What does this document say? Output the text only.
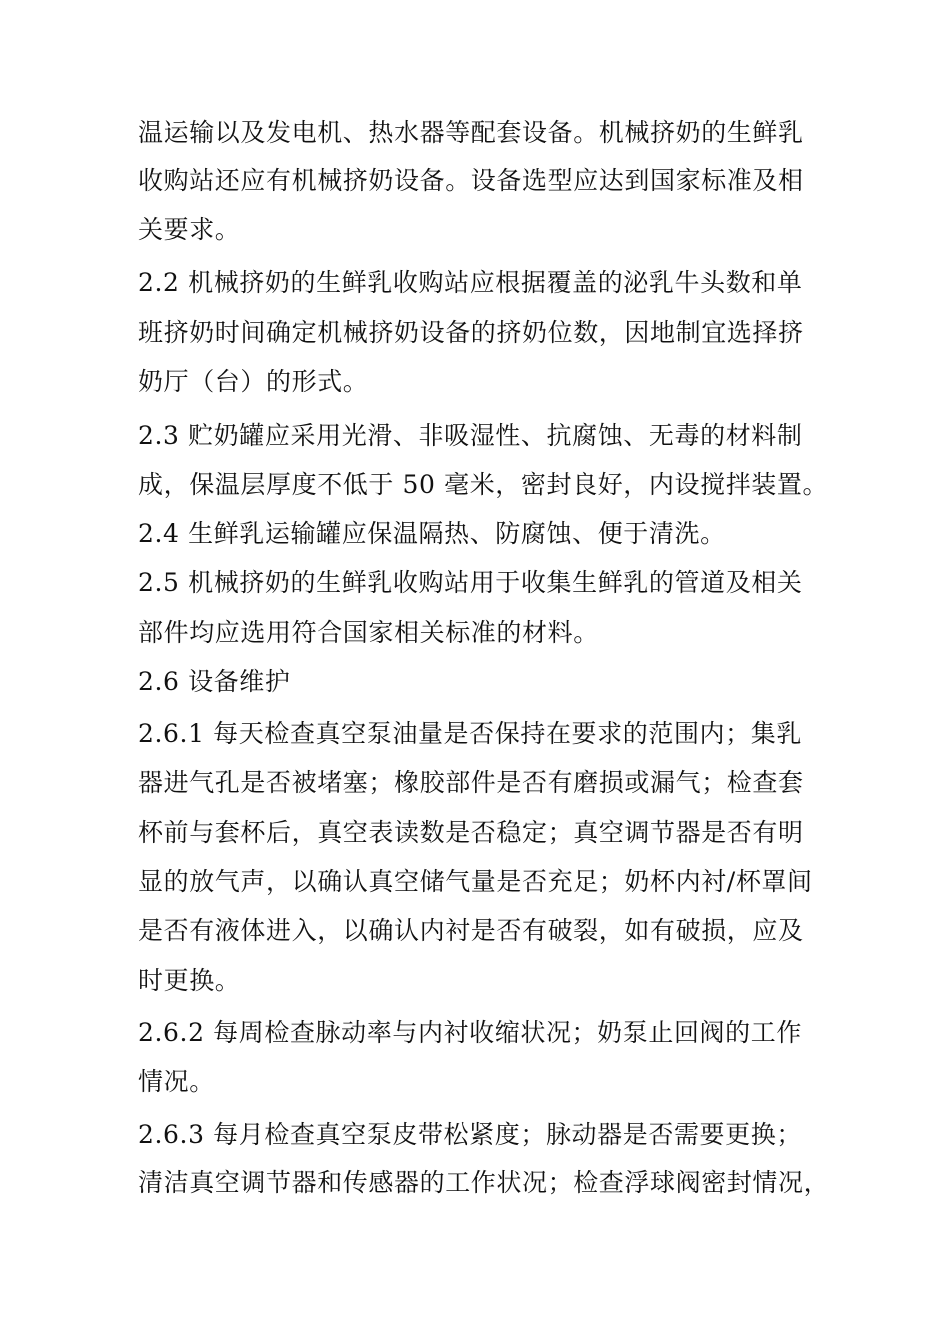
温运输以及发电机、热水器等配套设备。机械挤奶的生鲜乳
收购站还应有机械挤奶设备。设备选型应达到国家标准及相
关要求。
2.2 机械挤奶的生鲜乳收购站应根据覆盖的泌乳牛头数和单
班挤奶时间确定机械挤奶设备的挤奶位数，因地制宜选择挤
奶厅（台）的形式。
2.3 贮奶罐应采用光滑、非吸湿性、抗腐蚀、无毒的材料制
成，保温层厚度不低于 50 毫米，密封良好，内设搅拌装置。
2.4 生鲜乳运输罐应保温隔热、防腐蚀、便于清洗。
2.5 机械挤奶的生鲜乳收购站用于收集生鲜乳的管道及相关
部件均应选用符合国家相关标准的材料。
2.6 设备维护
2.6.1 每天检查真空泵油量是否保持在要求的范围内；集乳
器进气孔是否被堵塞；橡胶部件是否有磨损或漏气；检查套
杯前与套杯后，真空表读数是否稳定；真空调节器是否有明
显的放气声，以确认真空储气量是否充足；奶杯内衬/杯罩间
是否有液体进入，以确认内衬是否有破裂，如有破损，应及
时更换。
2.6.2 每周检查脉动率与内衬收缩状况；奶泵止回阀的工作
情况。
2.6.3 每月检查真空泵皮带松紧度；脉动器是否需要更换；
清洁真空调节器和传感器的工作状况；检查浮球阀密封情况，
